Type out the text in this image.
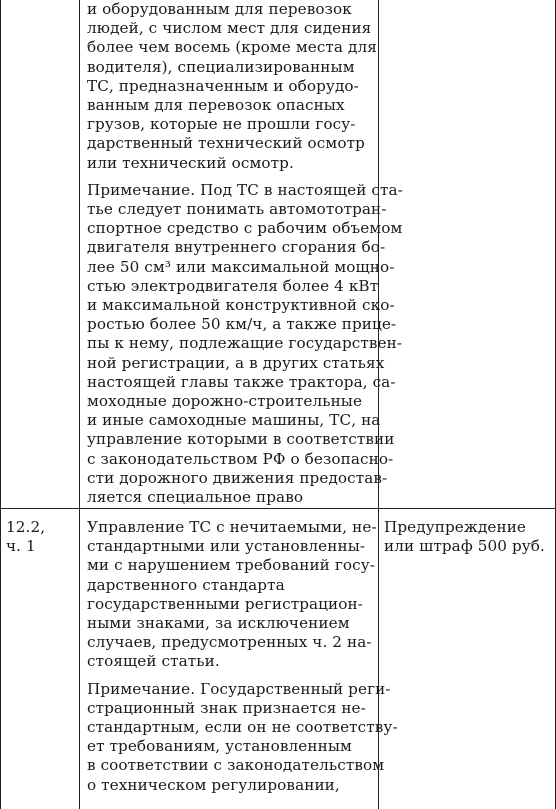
и оборудованным для перевозок
людей, с числом мест для сидения
более чем восемь (кроме места для
водителя), специализированным
ТС, предназначенным и оборудо-
ванным для перевозок опасных
грузов, которые не прошли госу-
дарственный технический осмотр
или технический осмотр.
Примечание. Под ТС в настоящей ста-
тье следует понимать автомототран-
спортное средство с рабочим объемом
двигателя внутреннего сгорания бо-
лее 50 см³ или максимальной мощно-
стью электродвигателя более 4 кВт
и максимальной конструктивной ско-
ростью более 50 км/ч, а также прице-
пы к нему, подлежащие государствен-
ной регистрации, а в других статьях
настоящей главы также трактора, са-
моходные дорожно-строительные
и иные самоходные машины, ТС, на
управление которыми в соответствии
с законодательством РФ о безопасно-
сти дорожного движения предостав-
ляется специальное право
12.2,
ч. 1
Управление ТС с нечитаемыми, не-
стандартными или установленны-
ми с нарушением требований госу-
дарственного стандарта
государственными регистрацион-
ными знаками, за исключением
случаев, предусмотренных ч. 2 на-
стоящей статьи.
Примечание. Государственный реги-
страционный знак признается не-
стандартным, если он не соответству-
ет требованиям, установленным
в соответствии с законодательством
о техническом регулировании,
Предупреждение
или штраф 500 руб.
